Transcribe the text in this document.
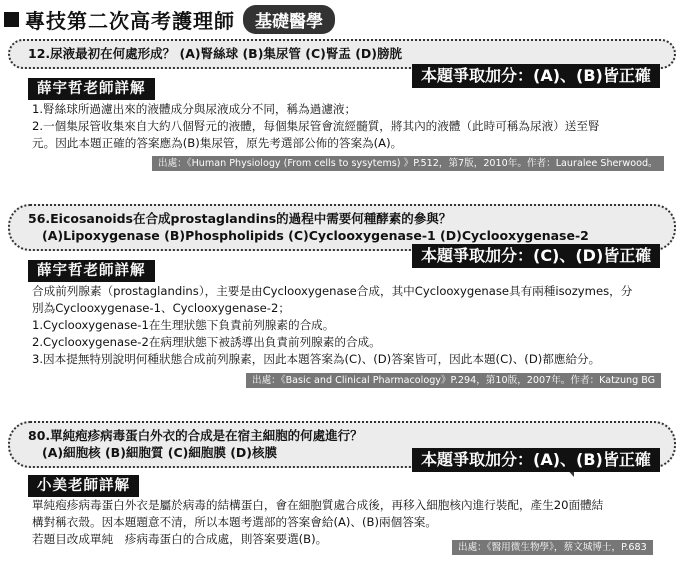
專技第二次高考護理師	基礎醫學
12.尿液最初在何處形成？ (A)腎絲球 (B)集尿管 (C)腎盂 (D)膀胱
本題爭取加分：(A)、(B)皆正確
薛宇哲老師詳解

1.腎絲球所過濾出來的液體成分與尿液成分不同，稱為過濾液；

2.一個集尿管收集來自大約八個腎元的液體，每個集尿管會流經髓質，將其內的液體（此時可稱為尿液）送至腎

元。因此本題正確的答案應為(B)集尿管，原先考選部公佈的答案為(A)。

出處：《Human Physiology (From cells to sysytems) 》P.512，第7版，2010年。作者：Lauralee Sherwood。
56.Eicosanoids在合成prostaglandins的過程中需要何種酵素的參與？
(A)Lipoxygenase (B)Phospholipids (C)Cyclooxygenase-1 (D)Cyclooxygenase-2
本題爭取加分：(C)、(D)皆正確
薛宇哲老師詳解

合成前列腺素（prostaglandins），主要是由Cyclooxygenase合成，其中Cyclooxygenase具有兩種isozymes，分

別為Cyclooxygenase-1、Cyclooxygenase-2；

1.Cyclooxygenase-1在生理狀態下負責前列腺素的合成。

2.Cyclooxygenase-2在病理狀態下被誘導出負責前列腺素的合成。

3.因本提無特別說明何種狀態合成前列腺素，因此本題答案為(C)、(D)答案皆可，因此本題(C)、(D)都應給分。

出處：《Basic and Clinical Pharmacology》P.294，第10版，2007年。作者：Katzung BG
80.單純疱疹病毒蛋白外衣的合成是在宿主細胞的何處進行？
(A)細胞核 (B)細胞質 (C)細胞膜 (D)核膜	本題爭取加分：(A)、(B)皆正確
小美老師詳解

單純疱疹病毒蛋白外衣是屬於病毒的結構蛋白，會在細胞質處合成後，再移入細胞核內進行裝配，產生20面體結

構對稱衣殼。因本題題意不清，所以本題考選部的答案會給(A)、(B)兩個答案。

若題目改成單純　疹病毒蛋白的合成處，則答案要選(B)。

出處：《醫用微生物學》，蔡文城博士，P.683
